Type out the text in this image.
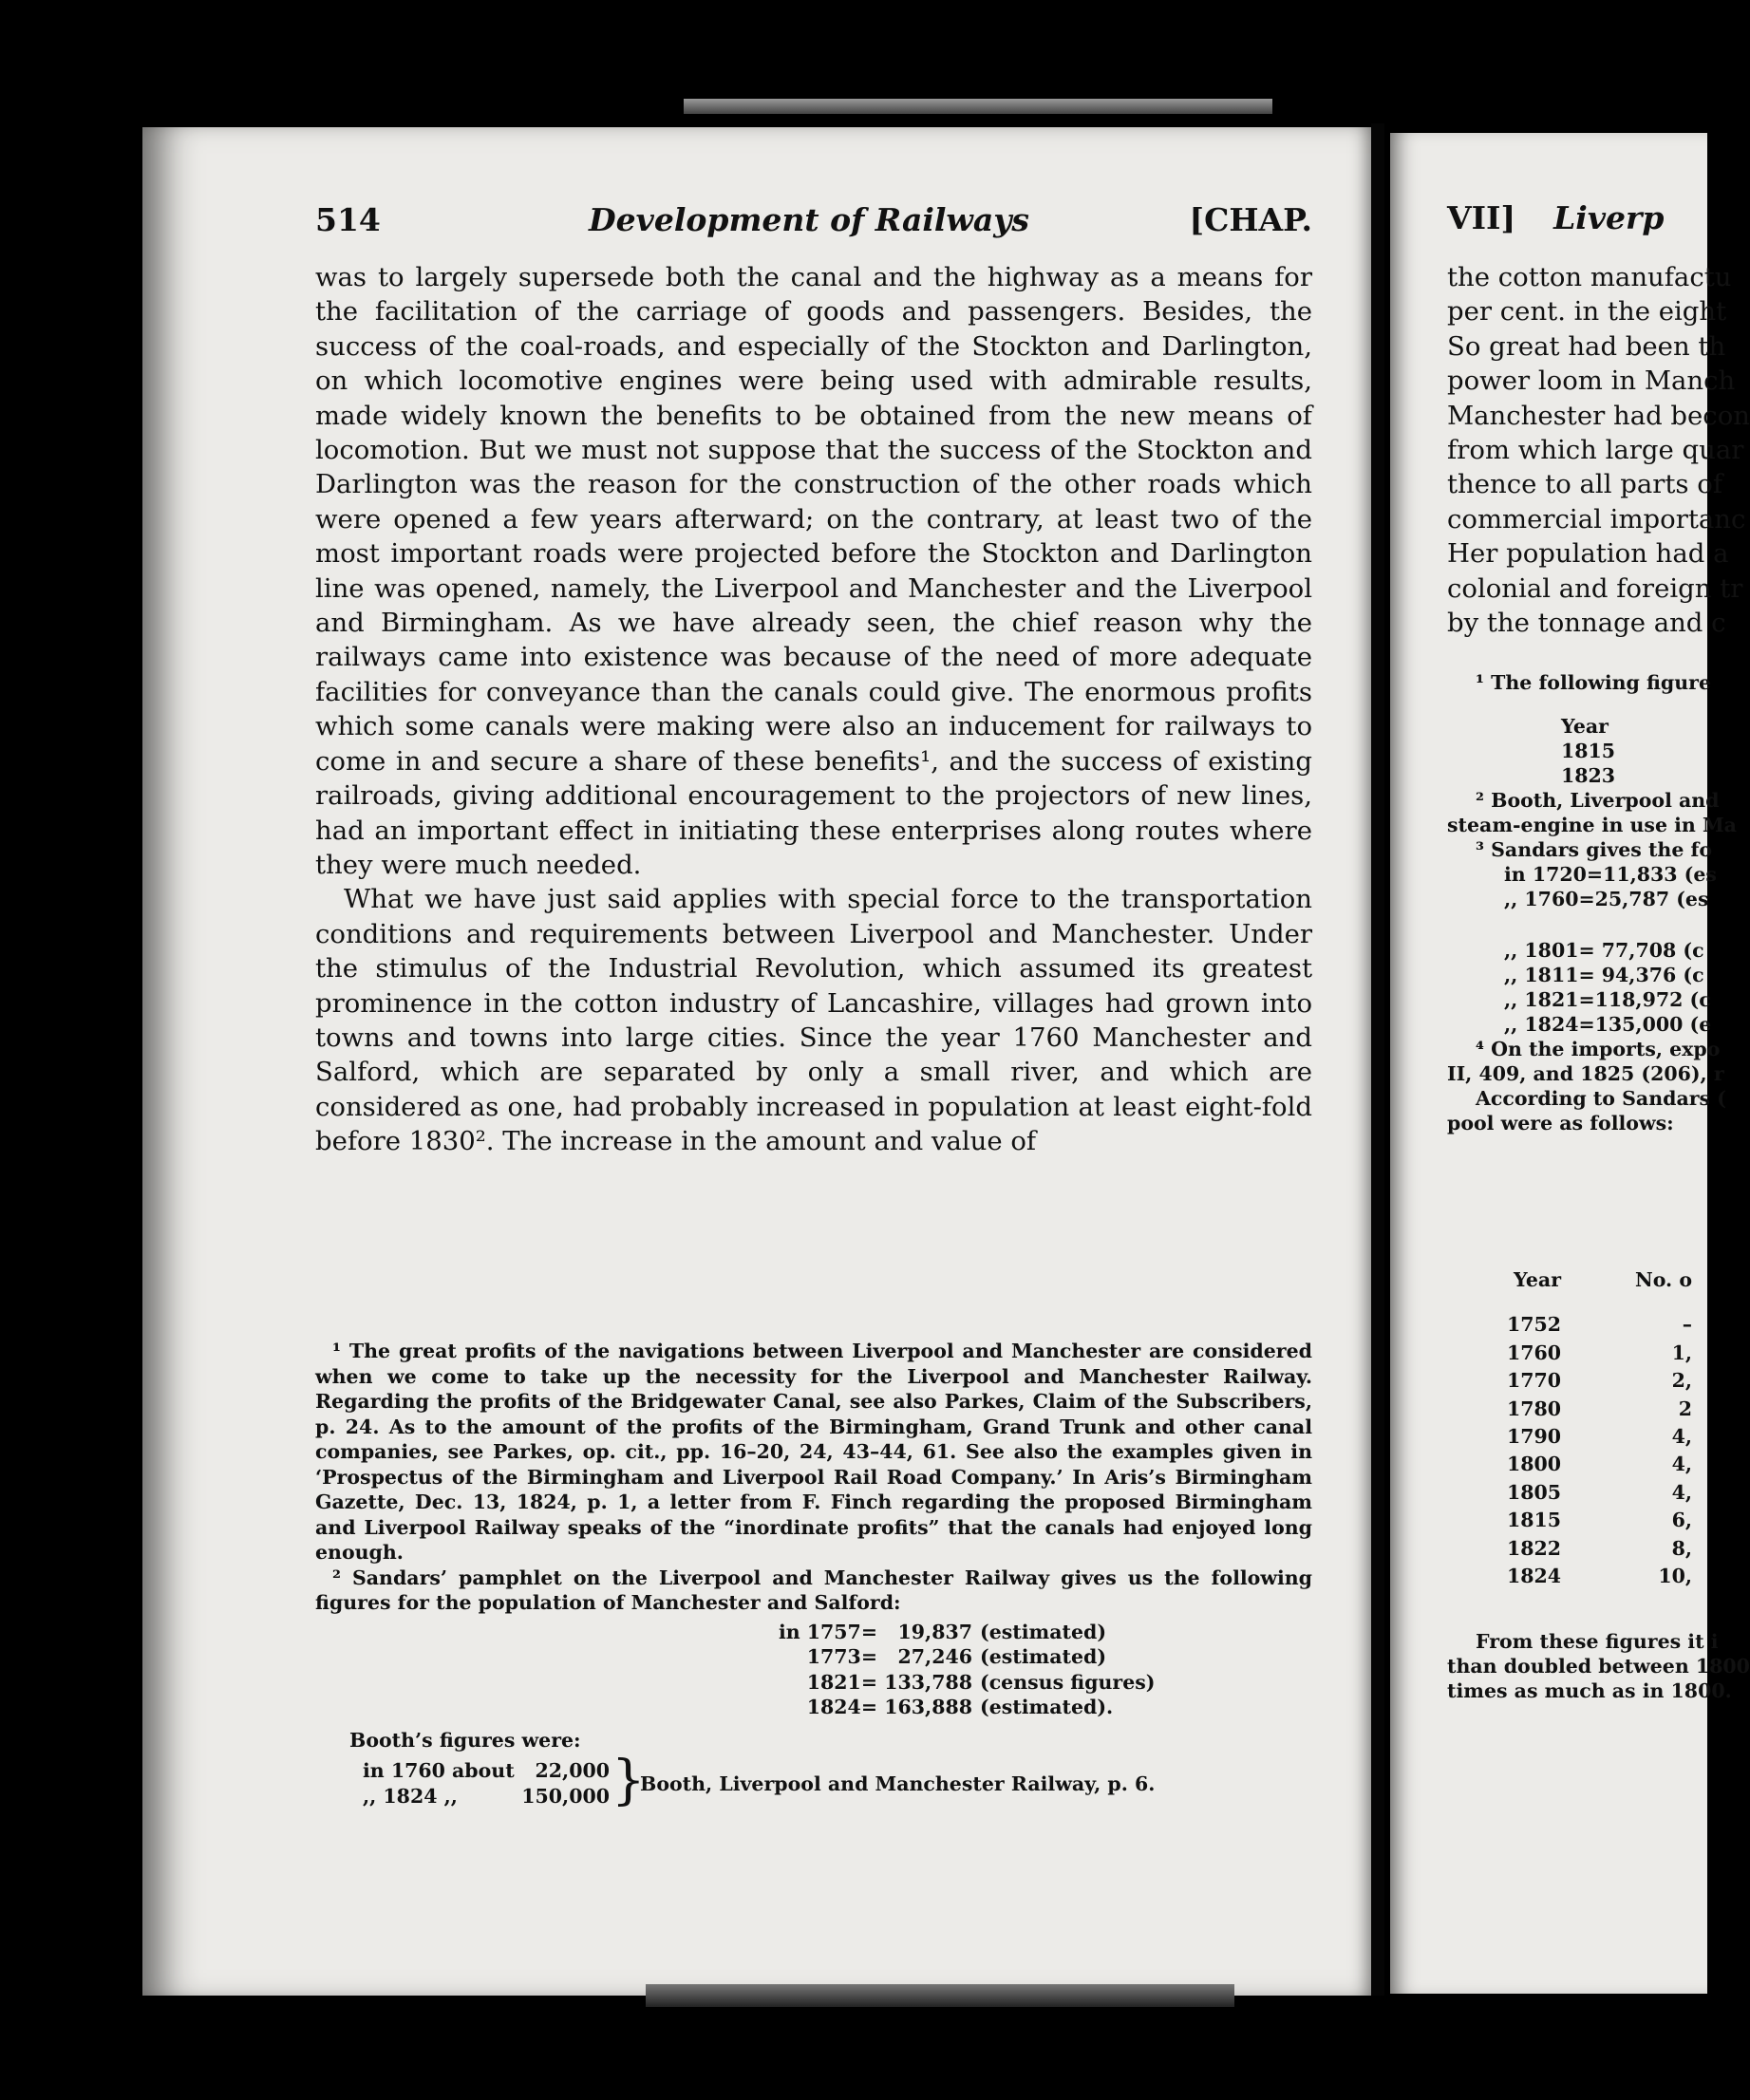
VII] Liverp
the cotton manufactu
per cent. in the eight
So great had been th
power loom in Manch
Manchester had becon
from which large quar
thence to all parts of
commercial importanc
Her population had a
colonial and foreign tr
by the tonnage and c
¹ The following figure
Year
1815
1823
² Booth, Liverpool and
steam-engine in use in Ma
³ Sandars gives the fo
in 1720=11,833 (es
,, 1760=25,787 (es
,, 1801= 77,708 (c
,, 1811= 94,376 (c
,, 1821=118,972 (c
,, 1824=135,000 (e
⁴ On the imports, expo
II, 409, and 1825 (206), r
According to Sandars (
pool were as follows:
Year	No. o
1752	–
1760	1,
1770	2,
1780	2
1790	4,
1800	4,
1805	4,
1815	6,
1822	8,
1824	10,
From these figures it i
than doubled between 1800
times as much as in 1800.
514	Development of Railways	[CHAP.

was to largely supersede both the canal and the highway as a means for the facilitation of the carriage of goods and passengers. Besides, the success of the coal-roads, and especially of the Stockton and Darlington, on which locomotive engines were being used with admirable results, made widely known the benefits to be obtained from the new means of locomotion. But we must not suppose that the success of the Stockton and Darlington was the reason for the construction of the other roads which were opened a few years afterward; on the contrary, at least two of the most important roads were projected before the Stockton and Darlington line was opened, namely, the Liverpool and Manchester and the Liverpool and Birmingham. As we have already seen, the chief reason why the railways came into existence was because of the need of more adequate facilities for conveyance than the canals could give. The enormous profits which some canals were making were also an inducement for railways to come in and secure a share of these benefits¹, and the success of existing railroads, giving additional encouragement to the projectors of new lines, had an important effect in initiating these enterprises along routes where they were much needed.

What we have just said applies with special force to the transportation conditions and requirements between Liverpool and Manchester. Under the stimulus of the Industrial Revolution, which assumed its greatest prominence in the cotton industry of Lancashire, villages had grown into towns and towns into large cities. Since the year 1760 Manchester and Salford, which are separated by only a small river, and which are considered as one, had probably increased in population at least eight-fold before 1830². The increase in the amount and value of

¹ The great profits of the navigations between Liverpool and Manchester are considered when we come to take up the necessity for the Liverpool and Manchester Railway. Regarding the profits of the Bridgewater Canal, see also Parkes, Claim of the Subscribers, p. 24. As to the amount of the profits of the Birmingham, Grand Trunk and other canal companies, see Parkes, op. cit., pp. 16–20, 24, 43–44, 61. See also the examples given in ‘Prospectus of the Birmingham and Liverpool Rail Road Company.’ In Aris’s Birmingham Gazette, Dec. 13, 1824, p. 1, a letter from F. Finch regarding the proposed Birmingham and Liverpool Railway speaks of the “inordinate profits” that the canals had enjoyed long enough.

² Sandars’ pamphlet on the Liverpool and Manchester Railway gives us the following figures for the population of Manchester and Salford:

in 1757= 19,837 (estimated)
1773= 27,246 (estimated)
1821= 133,788 (census figures)
1824= 163,888 (estimated).
Booth’s figures were:
in 1760 about 22,000
,, 1824 ,,	150,000 }
Booth, Liverpool and Manchester Railway, p. 6.
